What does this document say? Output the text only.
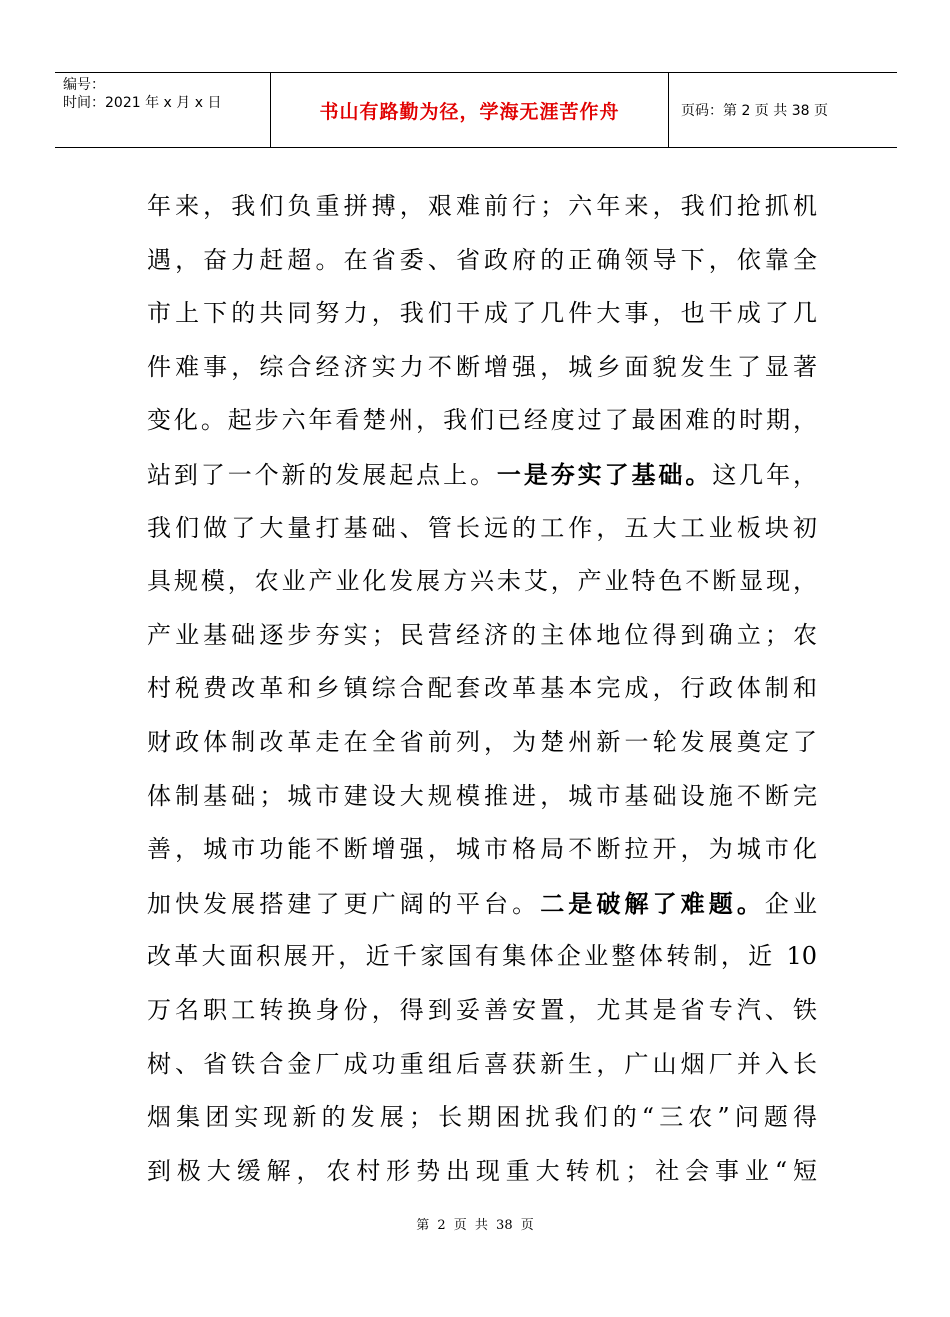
编号：
时间：2021 年 x 月 x 日	书山有路勤为径，学海无涯苦作舟	页码：第 2 页 共 38 页
年来，我们负重拼搏，艰难前行；六年来，我们抢抓机
遇，奋力赶超。在省委、省政府的正确领导下，依靠全
市上下的共同努力，我们干成了几件大事，也干成了几
件难事，综合经济实力不断增强，城乡面貌发生了显著
变化。起步六年看楚州，我们已经度过了最困难的时期，
站到了一个新的发展起点上。一是夯实了基础。这几年，
我们做了大量打基础、管长远的工作，五大工业板块初
具规模，农业产业化发展方兴未艾，产业特色不断显现，
产业基础逐步夯实；民营经济的主体地位得到确立；农
村税费改革和乡镇综合配套改革基本完成，行政体制和
财政体制改革走在全省前列，为楚州新一轮发展奠定了
体制基础；城市建设大规模推进，城市基础设施不断完
善，城市功能不断增强，城市格局不断拉开，为城市化
加快发展搭建了更广阔的平台。二是破解了难题。企业
改革大面积展开，近千家国有集体企业整体转制，近 10
万名职工转换身份，得到妥善安置，尤其是省专汽、铁
树、省铁合金厂成功重组后喜获新生，广山烟厂并入长
烟集团实现新的发展；长期困扰我们的“三农”问题得
到极大缓解，农村形势出现重大转机；社会事业“短
第 2 页 共 38 页
